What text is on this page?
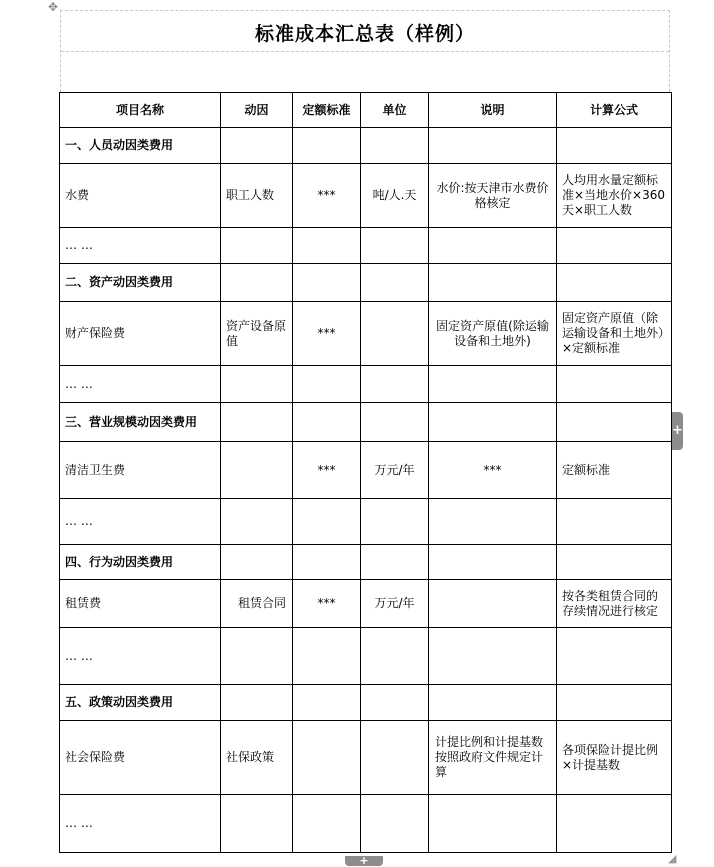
✥
标准成本汇总表（样例）
项目名称	动因	定额标准	单位	说明	计算公式
一、人员动因类费用					
水费	职工人数	***	吨/人.天	水价:按天津市水费价格核定	人均用水量定额标准×当地水价×360天×职工人数
… …					
二、资产动因类费用					
财产保险费	资产设备原值	***		固定资产原值(除运输设备和土地外)	固定资产原值（除运输设备和土地外）×定额标准
… …					
三、营业规模动因类费用					
清洁卫生费		***	万元/年	***	定额标准
… …					
四、行为动因类费用					
租赁费	租赁合同	***	万元/年		按各类租赁合同的存续情况进行核定
… …					
五、政策动因类费用					
社会保险费	社保政策			计提比例和计提基数按照政府文件规定计算	各项保险计提比例×计提基数
… …					
+
+	◢
